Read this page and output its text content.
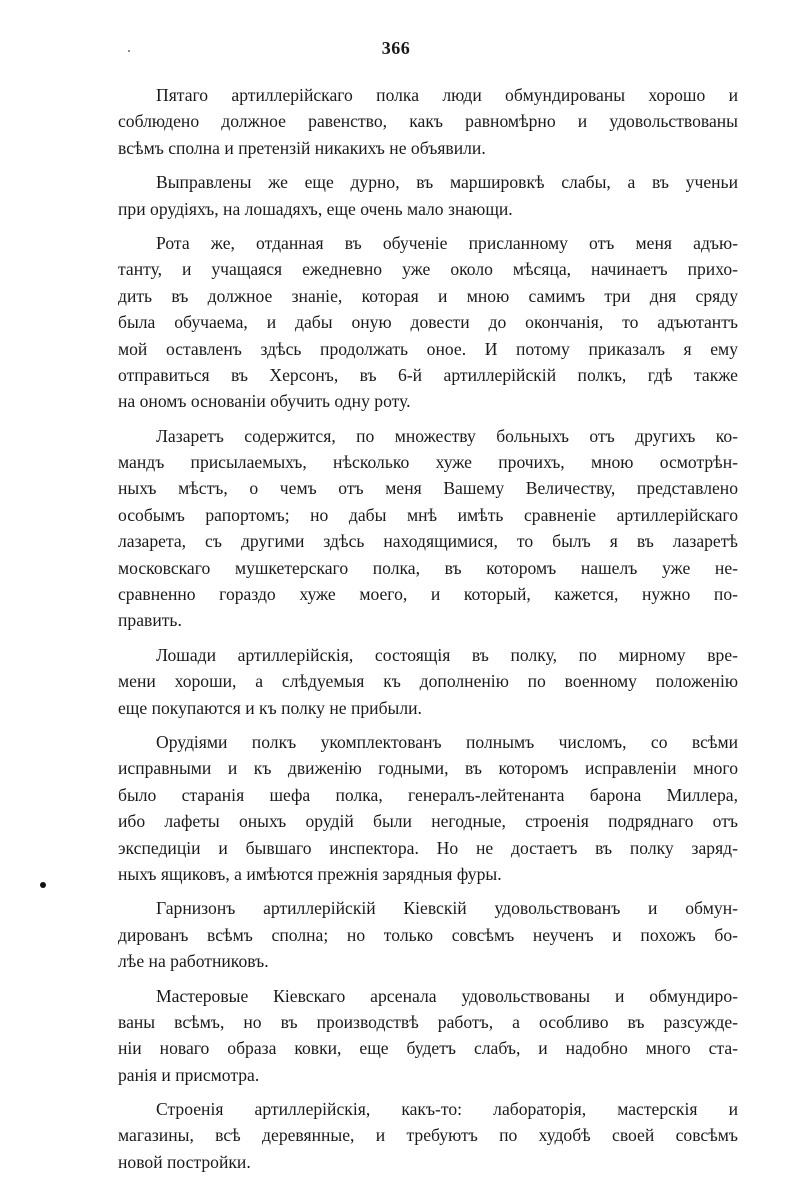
366
Пятаго артиллерійскаго полка люди обмундированы хорошо и
соблюдено должное равенство, какъ равномѣрно и удовольствованы
всѣмъ сполна и претензій никакихъ не объявили.
Выправлены же еще дурно, въ маршировкѣ слабы, а въ ученьи
при орудіяхъ, на лошадяхъ, еще очень мало знающи.
Рота же, отданная въ обученіе присланному отъ меня адъю-
танту, и учащаяся ежедневно уже около мѣсяца, начинаетъ прихо-
дить въ должное знаніе, которая и мною самимъ три дня сряду
была обучаема, и дабы оную довести до окончанія, то адъютантъ
мой оставленъ здѣсь продолжать оное. И потому приказалъ я ему
отправиться въ Херсонъ, въ 6-й артиллерійскій полкъ, гдѣ также
на ономъ основаніи обучить одну роту.
Лазаретъ содержится, по множеству больныхъ отъ другихъ ко-
мандъ присылаемыхъ, нѣсколько хуже прочихъ, мною осмотрѣн-
ныхъ мѣстъ, о чемъ отъ меня Вашему Величеству, представлено
особымъ рапортомъ; но дабы мнѣ имѣть сравненіе артиллерійскаго
лазарета, съ другими здѣсь находящимися, то былъ я въ лазаретѣ
московскаго мушкетерскаго полка, въ которомъ нашелъ уже не-
сравненно гораздо хуже моего, и который, кажется, нужно по-
править.
Лошади артиллерійскія, состоящія въ полку, по мирному вре-
мени хороши, а слѣдуемыя къ дополненію по военному положенію
еще покупаются и къ полку не прибыли.
Орудіями полкъ укомплектованъ полнымъ числомъ, со всѣми
исправными и къ движенію годными, въ которомъ исправленіи много
было старанія шефа полка, генералъ-лейтенанта барона Миллера,
ибо лафеты оныхъ орудій были негодные, строенія подряднаго отъ
экспедиціи и бывшаго инспектора. Но не достаетъ въ полку заряд-
ныхъ ящиковъ, а имѣются прежнія зарядныя фуры.
Гарнизонъ артиллерійскій Кіевскій удовольствованъ и обмун-
дированъ всѣмъ сполна; но только совсѣмъ неученъ и похожъ бо-
лѣе на работниковъ.
Мастеровые Кіевскаго арсенала удовольствованы и обмундиро-
ваны всѣмъ, но въ производствѣ работъ, а особливо въ разсужде-
ніи новаго образа ковки, еще будетъ слабъ, и надобно много ста-
ранія и присмотра.
Строенія артиллерійскія, какъ-то: лабораторія, мастерскія и
магазины, всѣ деревянные, и требуютъ по худобѣ своей совсѣмъ
новой постройки.
